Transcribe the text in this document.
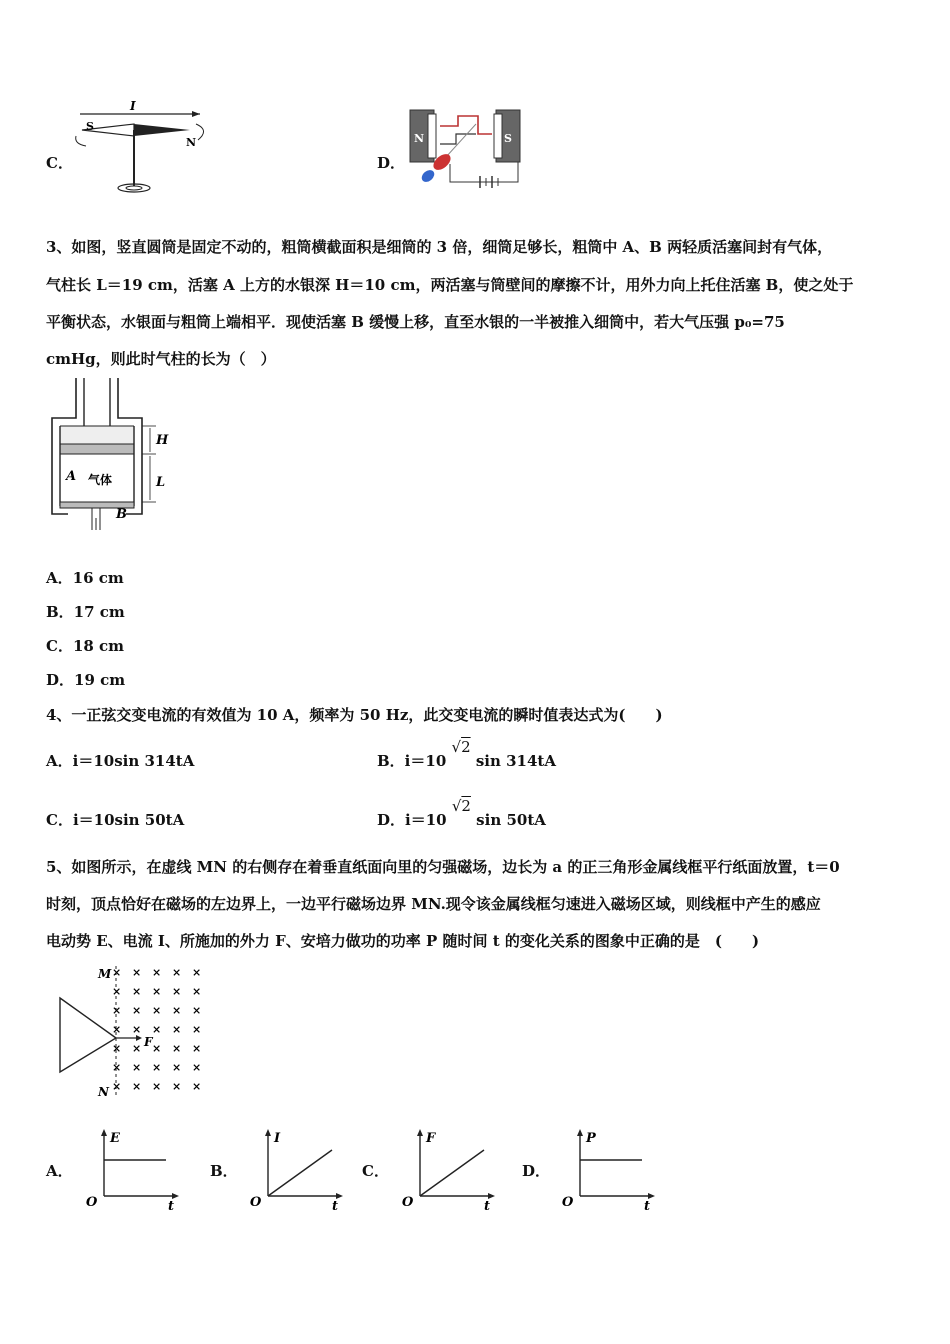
C．
I
S
N
D．
N	S
3、如图，竖直圆筒是固定不动的，粗筒横截面积是细筒的 3 倍，细筒足够长，粗筒中 A、B 两轻质活塞间封有气体，
气柱长 L＝19 cm，活塞 A 上方的水银深 H＝10 cm，两活塞与筒壁间的摩擦不计，用外力向上托住活塞 B，使之处于
平衡状态，水银面与粗筒上端相平．现使活塞 B 缓慢上移，直至水银的一半被推入细筒中，若大气压强 p₀=75
cmHg，则此时气柱的长为（　）
H
L
A 气体
B
A．16 cm
B．17 cm
C．18 cm
D．19 cm
4、一正弦交变电流的有效值为 10 A，频率为 50 Hz，此交变电流的瞬时值表达式为(　　)
A．i＝10sin 314tA	B．i＝10 √2 sin 314tA
C．i＝10sin 50tA	D．i＝10 √2 sin 50tA
5、如图所示，在虚线 MN 的右侧存在着垂直纸面向里的匀强磁场，边长为 a 的正三角形金属线框平行纸面放置，t＝0
时刻，顶点恰好在磁场的左边界上，一边平行磁场边界 MN.现令该金属线框匀速进入磁场区域，则线框中产生的感应
电动势 E、电流 I、所施加的外力 F、安培力做功的功率 P 随时间 t 的变化关系的图象中正确的是　(　　)
M
N
F
× × × × ×
× × × × ×
× × × × ×
× × × × ×
× × × × ×
× × × × ×
× × × × ×
A．
E
t
O
B．
I
t
O
C．
F
t
O
D．
P
t
O
